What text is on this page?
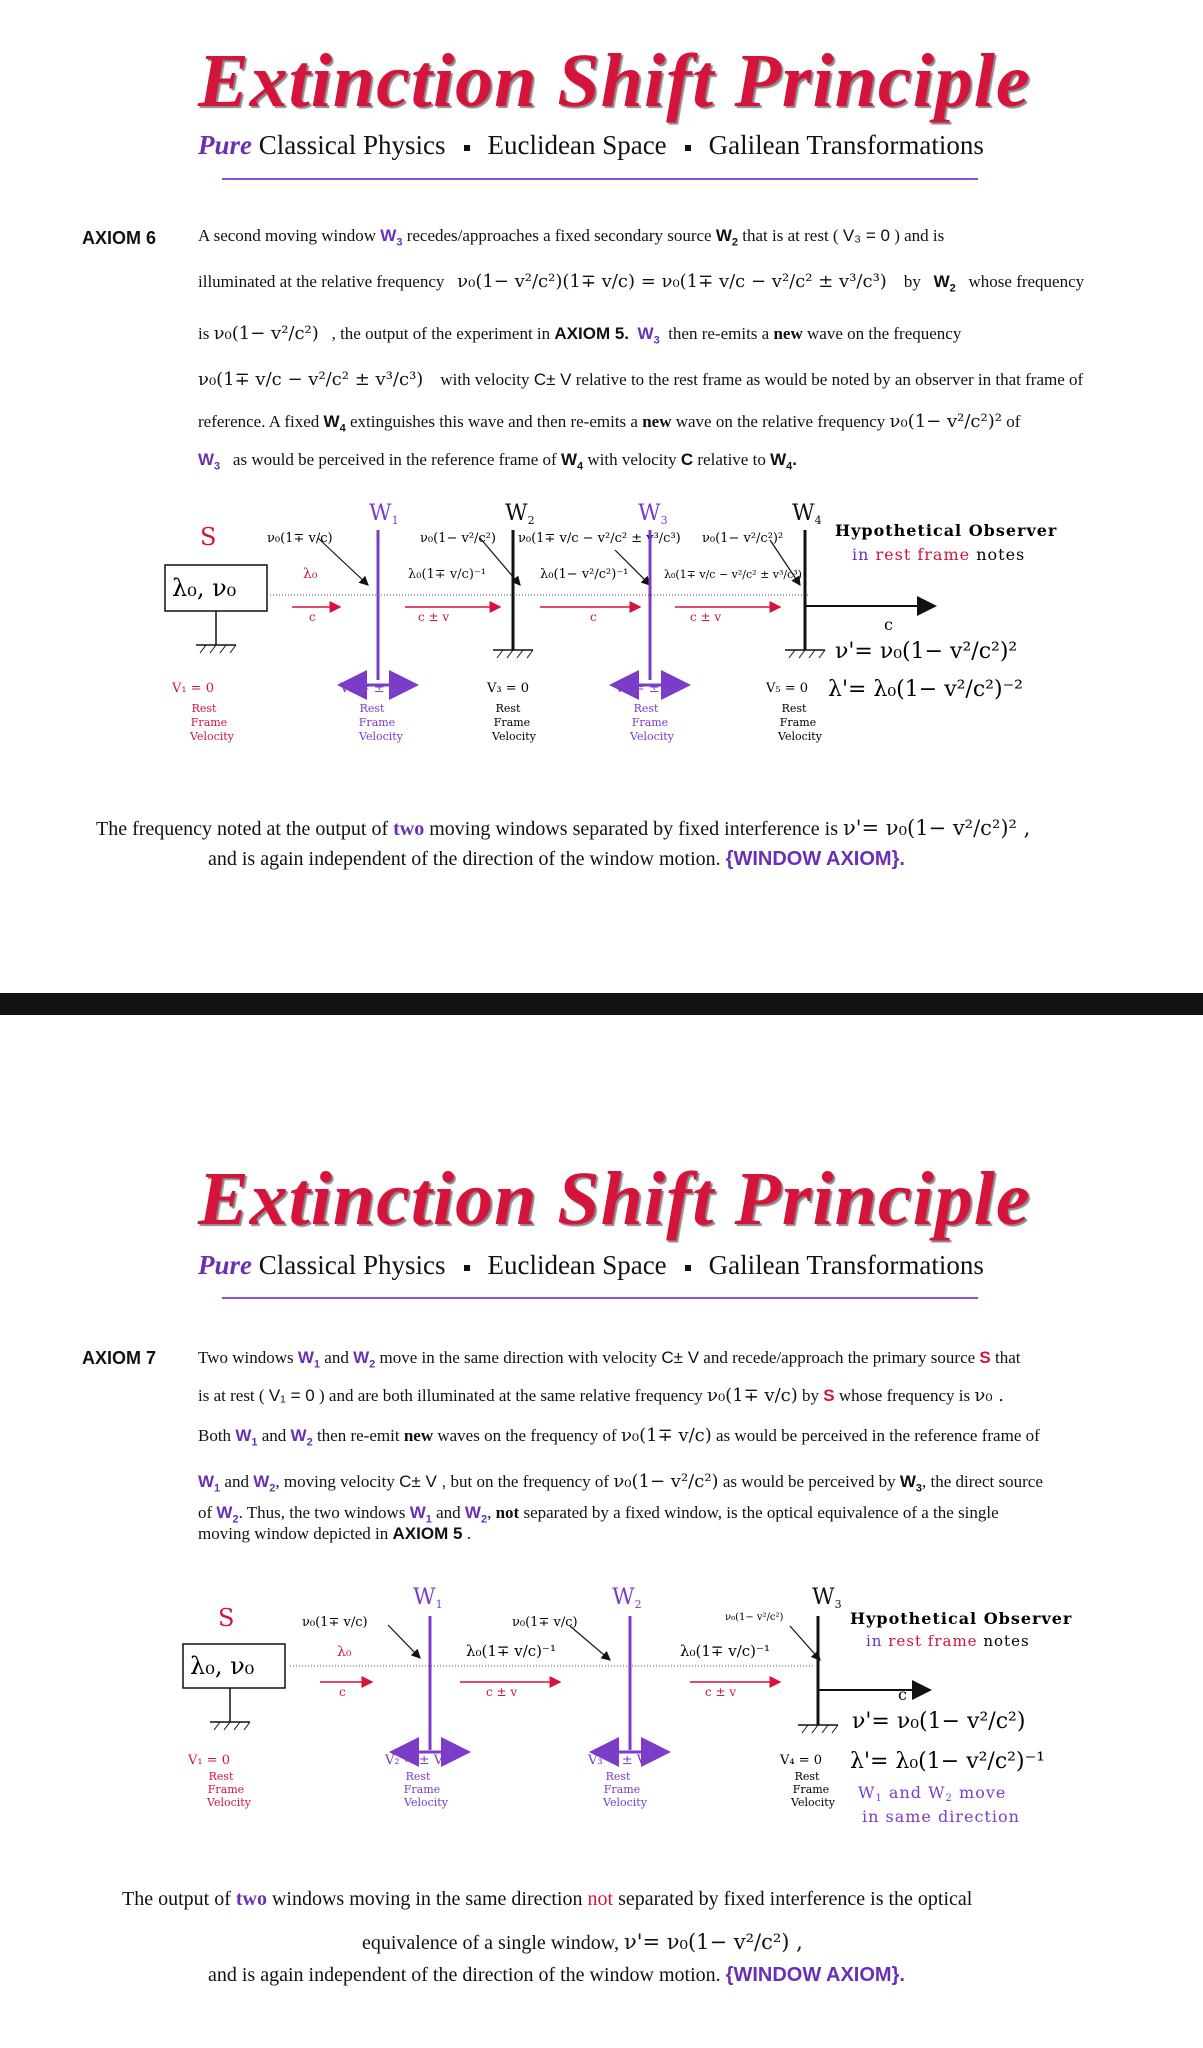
Extinction Shift Principle
Pure Classical Physics Euclidean Space Galilean Transformations
AXIOM 6 A second moving window $W_3$ recedes/approaches a fixed secondary source $W_2$ that is at rest ( V₃ = 0 ) and is
illuminated at the relative frequency ν₀(1− v²/c²)(1∓ v/c) = ν₀(1∓ v/c − v²/c² ± v³/c³) by $W_2$ whose frequency
is ν₀(1− v²/c²) , the output of the experiment in AXIOM 5. $W_3$ then re-emits a new wave on the frequency
ν₀(1∓ v/c − v²/c² ± v³/c³) with velocity C± V relative to the rest frame as would be noted by an observer in that frame of
reference. A fixed $W_4$ extinguishes this wave and then re-emits a new wave on the relative frequency ν₀(1− v²/c²)² of
$W_3$ as would be perceived in the reference frame of $W_4$ with velocity C relative to $W_4$.
S
λ₀, ν₀
ν₀(1∓ v/c)
λ₀
c
W1
ν₀(1− v²/c²)
λ₀(1∓ v/c)⁻¹
c ± v
W2
ν₀(1∓ v/c − v²/c² ± v³/c³)
λ₀(1− v²/c²)⁻¹
c
W3
ν₀(1− v²/c²)²
λ₀(1∓ v/c − v²/c² ± v³/c³)
c ± v
W4
c
Hypothetical Observer
in rest frame notes
ν'= ν₀(1− v²/c²)²
λ'= λ₀(1− v²/c²)⁻²
V₁ = 0	V₂ = ± V	V₃ = 0	V₄ = ± V	V₅ = 0
Rest
Frame
Velocity
Rest
Frame
Velocity
Rest
Frame
Velocity
Rest
Frame
Velocity
Rest
Frame
Velocity
The frequency noted at the output of two moving windows separated by fixed interference is ν'= ν₀(1− v²/c²)² ,
and is again independent of the direction of the window motion. {WINDOW AXIOM}.
Extinction Shift Principle
Pure Classical Physics Euclidean Space Galilean Transformations
AXIOM 7 Two windows $W_1$ and $W_2$ move in the same direction with velocity C± V and recede/approach the primary source S that
is at rest ( V₁ = 0 ) and are both illuminated at the same relative frequency ν₀(1∓ v/c) by S whose frequency is ν₀ .
Both $W_1$ and $W_2$ then re-emit new waves on the frequency of ν₀(1∓ v/c) as would be perceived in the reference frame of
$W_1$ and $W_2$, moving velocity C± V , but on the frequency of ν₀(1− v²/c²) as would be perceived by $W_3$, the direct source
of $W_2$. Thus, the two windows $W_1$ and $W_2$, not separated by a fixed window, is the optical equivalence of a the single
moving window depicted in AXIOM 5 .
S
λ₀, ν₀
ν₀(1∓ v/c)
λ₀
c
W1
ν₀(1∓ v/c)
λ₀(1∓ v/c)⁻¹
c ± v
W2
ν₀(1− v²/c²)
λ₀(1∓ v/c)⁻¹
c ± v
W3
c
Hypothetical Observer
in rest frame notes
ν'= ν₀(1− v²/c²)
λ'= λ₀(1− v²/c²)⁻¹
W1 and W2 move
in same direction
V₁ = 0	V₂ = ± V	V₃ = ± V	V₄ = 0
Rest
Frame
Velocity
Rest
Frame
Velocity
Rest
Frame
Velocity
Rest
Frame
Velocity
The output of two windows moving in the same direction not separated by fixed interference is the optical
equivalence of a single window, ν'= ν₀(1− v²/c²) ,
and is again independent of the direction of the window motion. {WINDOW AXIOM}.
